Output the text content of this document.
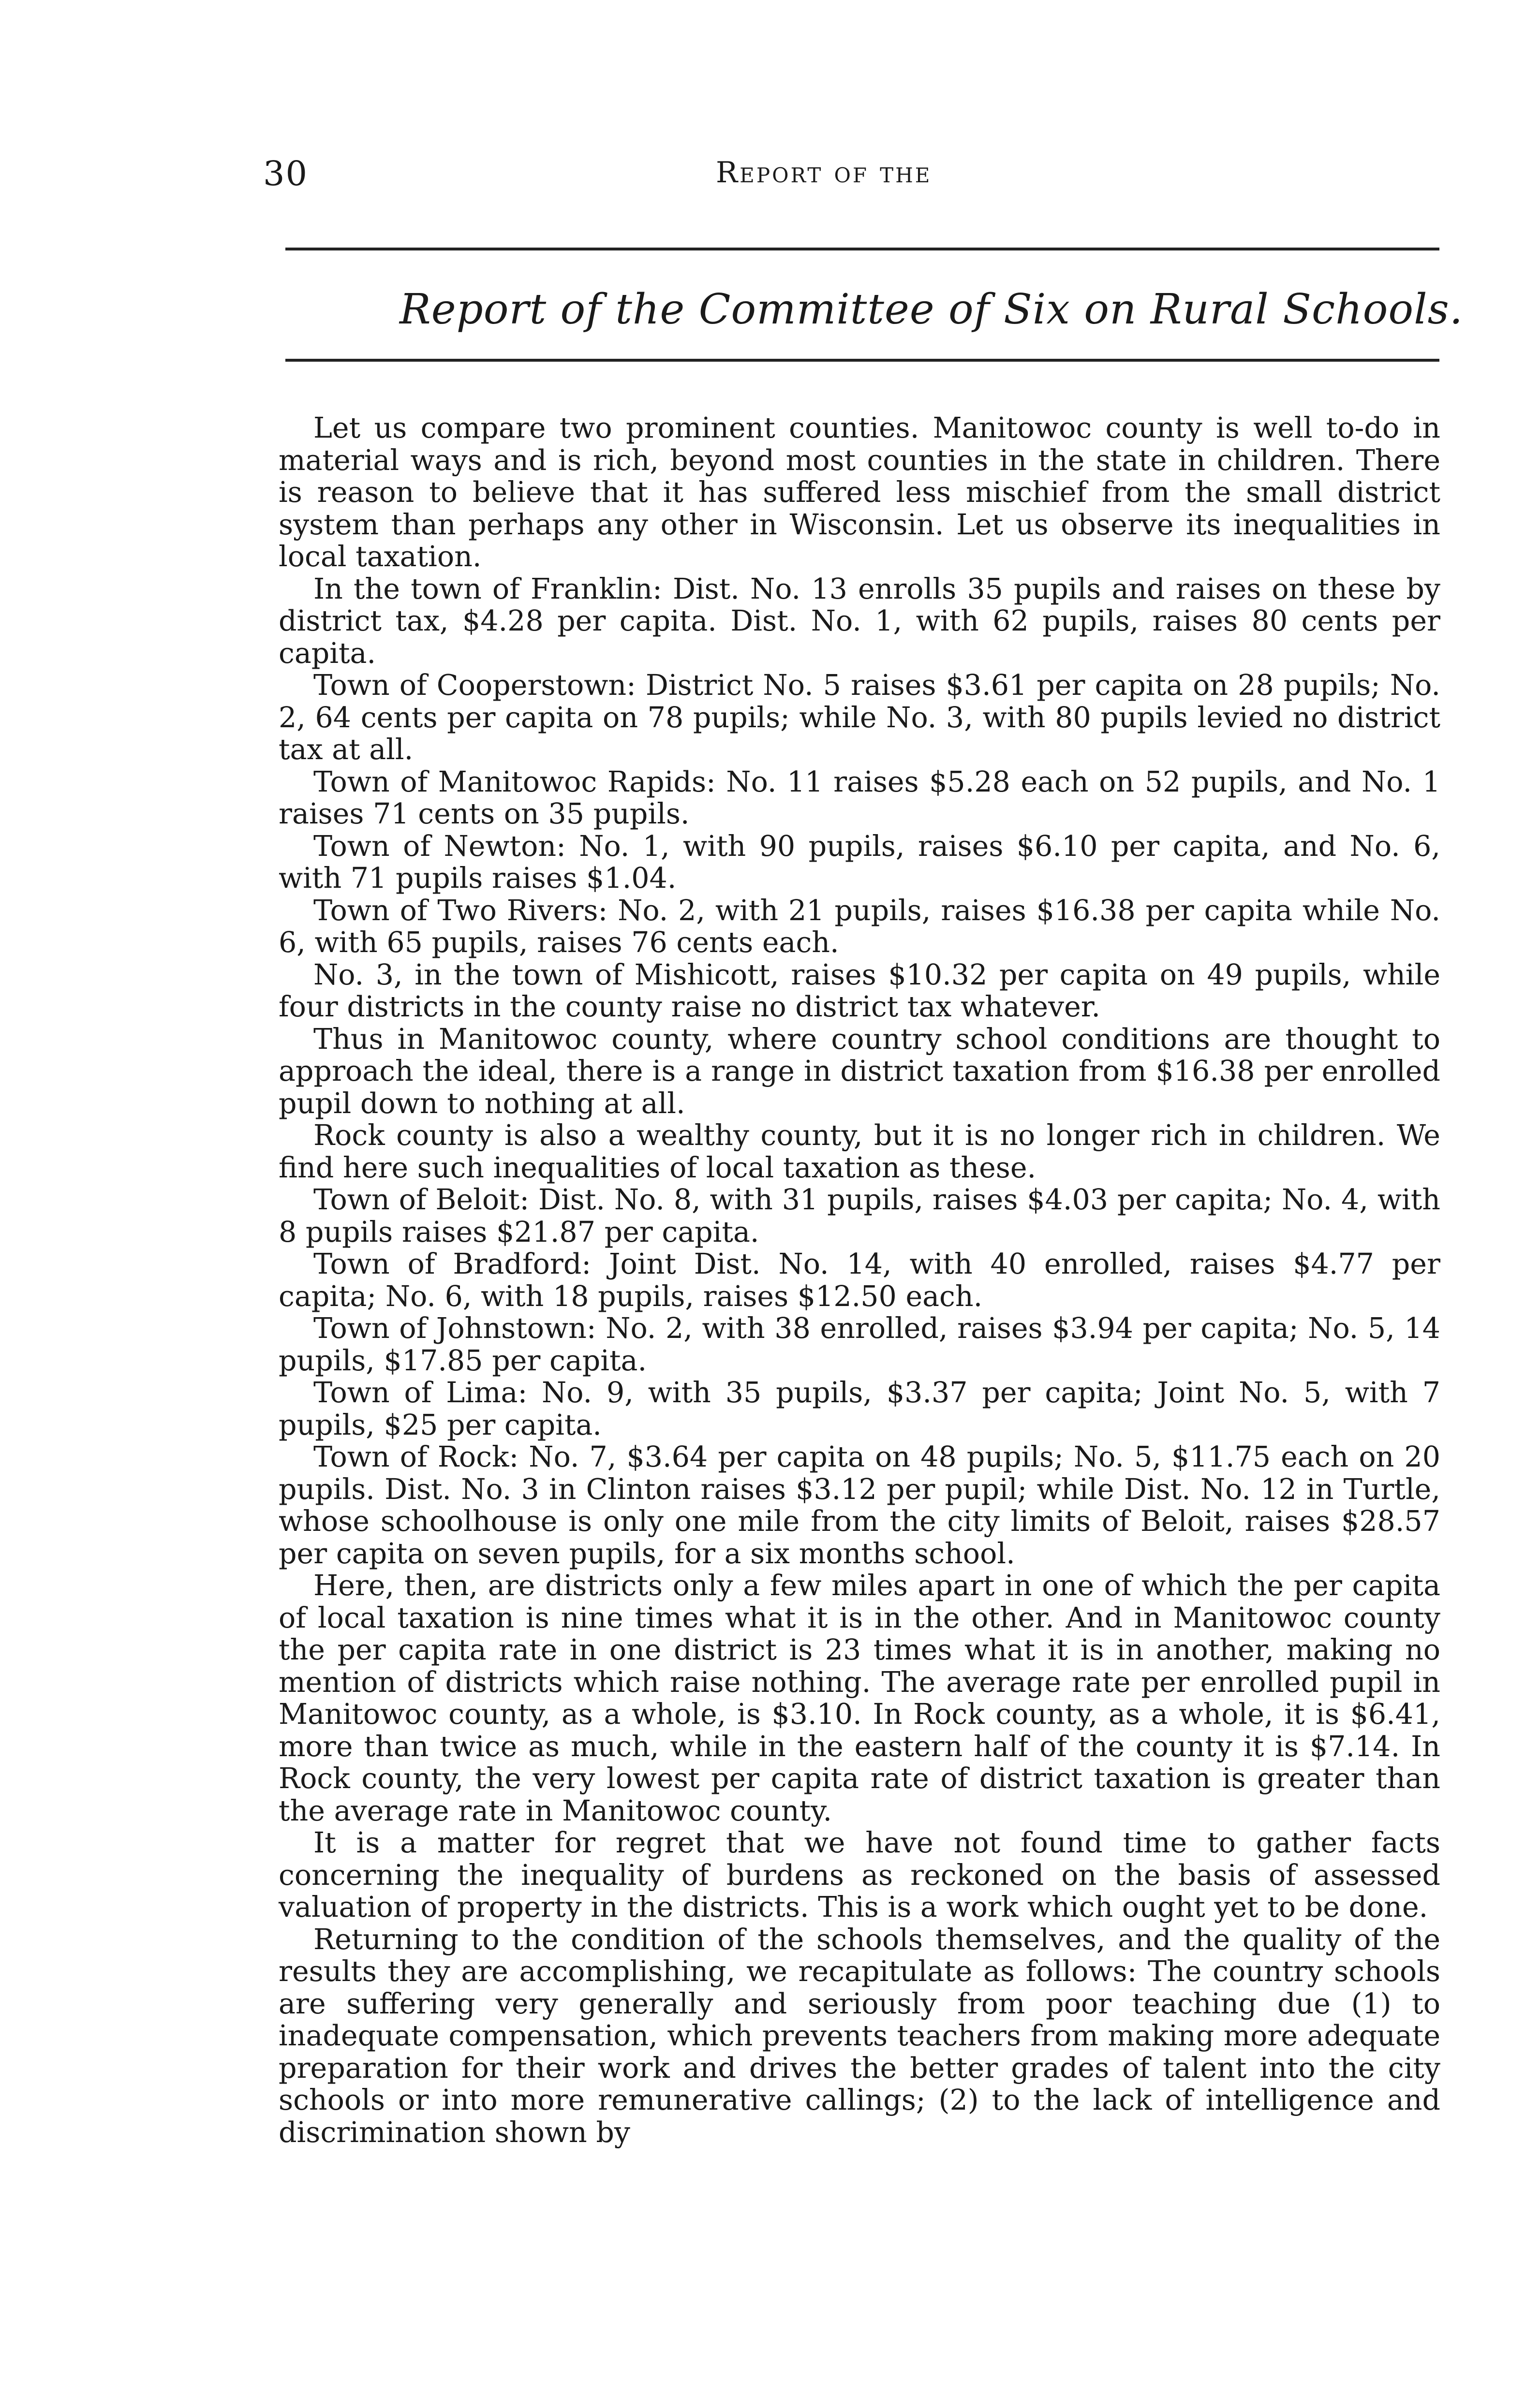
30	Report of the
Report of the Committee of Six on Rural Schools.

Let us compare two prominent counties. Manitowoc county is well to-do in material ways and is rich, beyond most counties in the state in children. There is reason to believe that it has suffered less mischief from the small district system than perhaps any other in Wisconsin. Let us observe its inequalities in local taxation.

In the town of Franklin: Dist. No. 13 enrolls 35 pupils and raises on these by district tax, $4.28 per capita. Dist. No. 1, with 62 pupils, raises 80 cents per capita.

Town of Cooperstown: District No. 5 raises $3.61 per capita on 28 pupils; No. 2, 64 cents per capita on 78 pupils; while No. 3, with 80 pupils levied no district tax at all.

Town of Manitowoc Rapids: No. 11 raises $5.28 each on 52 pupils, and No. 1 raises 71 cents on 35 pupils.

Town of Newton: No. 1, with 90 pupils, raises $6.10 per capita, and No. 6, with 71 pupils raises $1.04.

Town of Two Rivers: No. 2, with 21 pupils, raises $16.38 per capita while No. 6, with 65 pupils, raises 76 cents each.

No. 3, in the town of Mishicott, raises $10.32 per capita on 49 pupils, while four districts in the county raise no district tax whatever.

Thus in Manitowoc county, where country school conditions are thought to approach the ideal, there is a range in district taxation from $16.38 per enrolled pupil down to nothing at all.

Rock county is also a wealthy county, but it is no longer rich in children. We find here such inequalities of local taxation as these.

Town of Beloit: Dist. No. 8, with 31 pupils, raises $4.03 per capita; No. 4, with 8 pupils raises $21.87 per capita.

Town of Bradford: Joint Dist. No. 14, with 40 enrolled, raises $4.77 per capita; No. 6, with 18 pupils, raises $12.50 each.

Town of Johnstown: No. 2, with 38 enrolled, raises $3.94 per capita; No. 5, 14 pupils, $17.85 per capita.

Town of Lima: No. 9, with 35 pupils, $3.37 per capita; Joint No. 5, with 7 pupils, $25 per capita.

Town of Rock: No. 7, $3.64 per capita on 48 pupils; No. 5, $11.75 each on 20 pupils. Dist. No. 3 in Clinton raises $3.12 per pupil; while Dist. No. 12 in Turtle, whose schoolhouse is only one mile from the city limits of Beloit, raises $28.57 per capita on seven pupils, for a six months school.

Here, then, are districts only a few miles apart in one of which the per capita of local taxation is nine times what it is in the other. And in Manitowoc county the per capita rate in one district is 23 times what it is in another, making no mention of districts which raise nothing. The average rate per enrolled pupil in Manitowoc county, as a whole, is $3.10. In Rock county, as a whole, it is $6.41, more than twice as much, while in the eastern half of the county it is $7.14. In Rock county, the very lowest per capita rate of district taxation is greater than the average rate in Manitowoc county.

It is a matter for regret that we have not found time to gather facts concerning the inequality of burdens as reckoned on the basis of assessed valuation of property in the districts. This is a work which ought yet to be done.

Returning to the condition of the schools themselves, and the quality of the results they are accomplishing, we recapitulate as follows: The country schools are suffering very generally and seriously from poor teaching due (1) to inadequate compensation, which prevents teachers from making more adequate preparation for their work and drives the better grades of talent into the city schools or into more remunerative callings; (2) to the lack of intelligence and discrimination shown by
